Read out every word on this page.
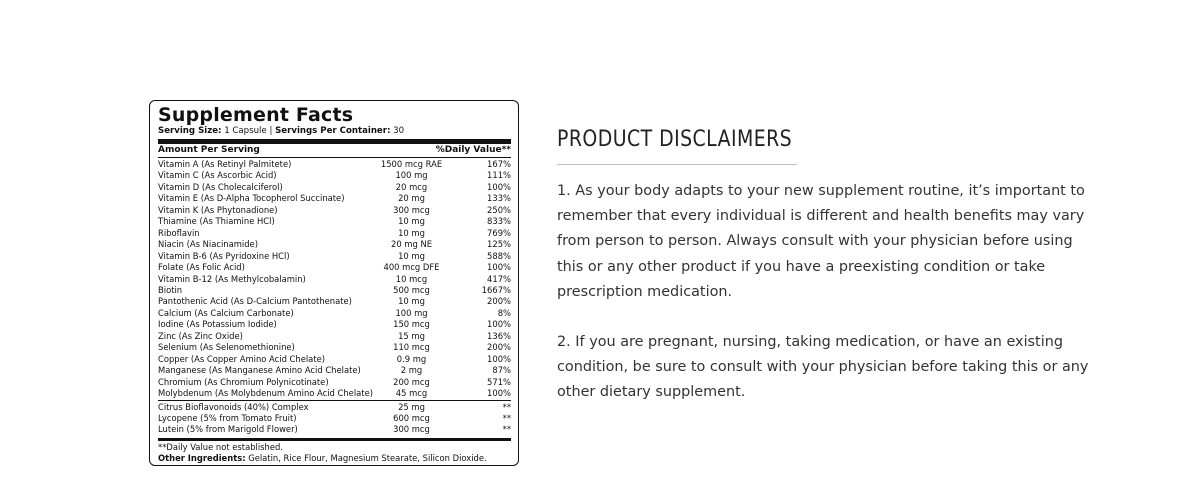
Supplement Facts
Serving Size: 1 Capsule | Servings Per Container: 30
Amount Per Serving	%Daily Value**
Vitamin A (As Retinyl Palmitete)	1500 mcg RAE	167%
Vitamin C (As Ascorbic Acid)	100 mg	111%
Vitamin D (As Cholecalciferol)	20 mcg	100%
Vitamin E (As D-Alpha Tocopherol Succinate)	20 mg	133%
Vitamin K (As Phytonadione)	300 mcg	250%
Thiamine (As Thiamine HCl)	10 mg	833%
Riboflavin	10 mg	769%
Niacin (As Niacinamide)	20 mg NE	125%
Vitamin B-6 (As Pyridoxine HCl)	10 mg	588%
Folate (As Folic Acid)	400 mcg DFE	100%
Vitamin B-12 (As Methylcobalamin)	10 mcg	417%
Biotin	500 mcg	1667%
Pantothenic Acid (As D-Calcium Pantothenate)	10 mg	200%
Calcium (As Calcium Carbonate)	100 mg	8%
Iodine (As Potassium Iodide)	150 mcg	100%
Zinc (As Zinc Oxide)	15 mg	136%
Selenium (As Selenomethionine)	110 mcg	200%
Copper (As Copper Amino Acid Chelate)	0.9 mg	100%
Manganese (As Manganese Amino Acid Chelate)	2 mg	87%
Chromium (As Chromium Polynicotinate)	200 mcg	571%
Molybdenum (As Molybdenum Amino Acid Chelate)	45 mcg	100%
Citrus Bioflavonoids (40%) Complex	25 mg	**
Lycopene (5% from Tomato Fruit)	600 mcg	**
Lutein (5% from Marigold Flower)	300 mcg	**
**Daily Value not established.
Other Ingredients: Gelatin, Rice Flour, Magnesium Stearate, Silicon Dioxide.
PRODUCT DISCLAIMERS
1. As your body adapts to your new supplement routine, it’s important to remember that every individual is different and health benefits may vary from person to person. Always consult with your physician before using this or any other product if you have a preexisting condition or take prescription medication.
2. If you are pregnant, nursing, taking medication, or have an existing condition, be sure to consult with your physician before taking this or any other dietary supplement.
